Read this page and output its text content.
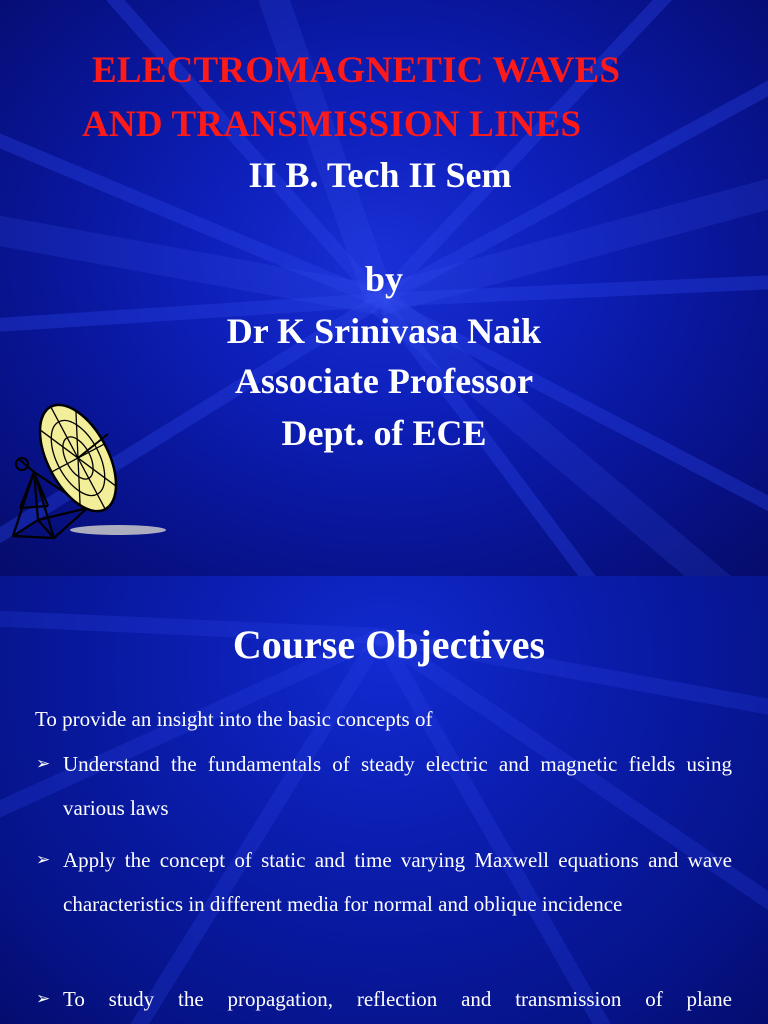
ELECTROMAGNETIC WAVES
AND TRANSMISSION LINES

II B. Tech II Sem

by

Dr K Srinivasa Naik

Associate Professor

Dept. of ECE

Course Objectives

To provide an insight into the basic concepts of

➢ Understand the fundamentals of steady electric and magnetic fields using various laws
➢ Apply the concept of static and time varying Maxwell equations and wave characteristics in different media for normal and oblique incidence
➢ To study the propagation, reflection and transmission of plane
